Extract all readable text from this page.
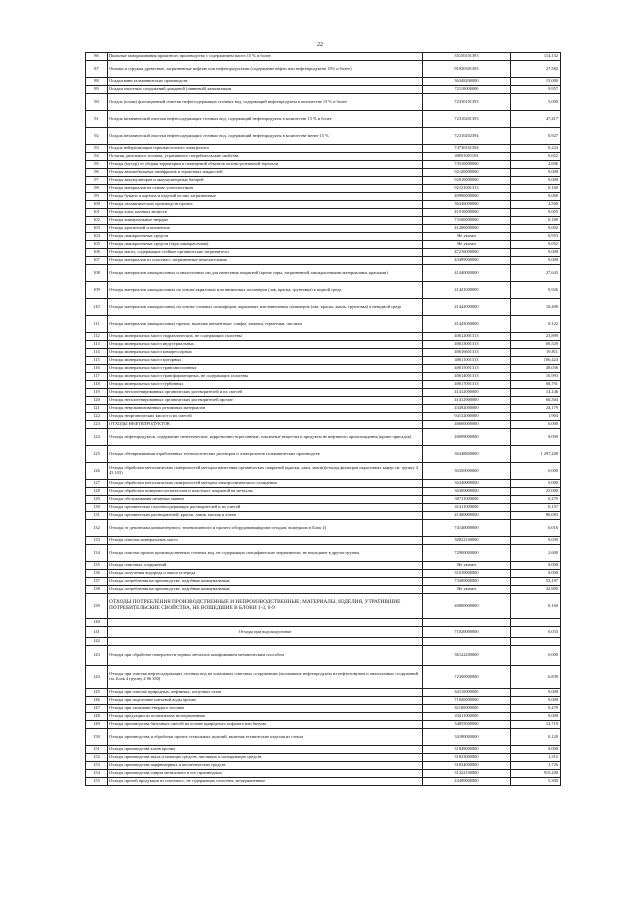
22
86	Пыльные замораживания прокатного производства с содержанием масел 15 % и более	35150101393	114,132
87	Опилки и стружка древесные, загрязненные нефтью или нефтепродуктами (содержание нефти или нефтепродуктов 15% и более)	91920301393	27,582
88	Осадки ванн гальванических производств	36348200000	15,000
89	Осадки очистных сооружений дождевой (ливневой) канализации	72110000000	9,957
90	Осадок (шлам) флотационной очистки нефтесодержащих сточных вод, содержащий нефтепродукты в количестве 15 % и более	72330101393	5,000
91	Осадок механической очистки нефтесодержащих сточных вод, содержащий нефтепродукты в количестве 15 % и более	72310201393	47,417
92	Осадок механической очистки нефтесодержащих сточных вод, содержащий нефтепродукты в количестве менее 15 %	72310202394	0,927
93	Осадок нейтрализации сернокислотного электролита	74730101394	0,224
94	Остатки дизельного топлива, утратившего потребительские свойства	40691001103	0,652
95	Отходы (мусор) от уборки территории и помещений объектов оптово-розничной торговли	73510000000	2,696
96	Отходы автомобильных антифризов и тормозных жидкостей	92120000000	0,000
97	Отходы аккумуляторов и аккумуляторных батарей	92010000000	0,000
98	Отходы материалов на основе углепластиков	92121001313	0,160
99	Отходы бумаги и картона и изделий из них загрязненные	40990000000	0,060
100	Отходы гальванических производств прочих	36346000000	2,500
101	Отходы клея, клеевых веществ	41910000000	0,005
102	Отходы коммунальные твердые	73100000000	0,180
103	Отходы красителей и пигментов	41200000000	0,002
104	Отходы лакокрасочных средств	Не указан	0,953
105	Отходы лакокрасочных средств (тара лакокрасочная)	Не указан	0,052
106	Отходы масел, содержащие стойкие органические загрязнители	47216000000	0,000
107	Отходы материалов из пластмасс загрязненные нежелательные	43499000000	0,000
108	Отходы материалов лакокрасочных и аналогичных им для нанесения покрытий (кроме тары, загрязненной лакокрасочными материалами, красками)	41440000000	27,643
109	Отходы материалов лакокрасочных на основе акриловых или виниловых полимеров (лак, краска, грунтовка) в водной среде	41441000000	0,926
110	Отходы материалов лакокрасочных на основе сложных полиэфиров, акриловых или виниловых полимеров (лак, краска, эмаль, грунтовка) в неводной среде	41442000000	10,400
111	Отходы материалов лакокрасочных прочих, включая пигментные, олифы, замазки, герметики, чистики	41443000000	0,122
112	Отходы минеральных масел гидравлических, не содержащих галогены	40612001313	23,899
113	Отходы минеральных масел индустриальных	40613001313	69,529
114	Отходы минеральных масел компрессорных	40616601313	19,811
115	Отходы минеральных масел моторных	40611001313	106,424
116	Отходы минеральных масел трансмиссионных	40615001313	48,036
117	Отходы минеральных масел трансформаторных, не содержащих галогены	40614001313	16,993
118	Отходы минеральных масел турбинных	40617001313	68,791
119	Отходы негалогенированных органических растворителей и их смесей	41412000000	14,146
120	Отходы негалогенированных органических растворителей прочие	41412900000	66,304
121	Отходы невулканизованных резиновых материалов	43492000000	24,179
122	Отходы неорганических кислот и их смесей	94132000000	1,904
123	ОТХОДЫ НЕФТЕПРОДУКТОВ	40600000000	0,000
124	Отходы нефтепродуктов, содержание синтетические, коррозионно-агрессивные, токсичные вещества и продукты не нефтяного происхождения (кроме присадок)	40699000000	0,000
125	Отходы обезвреживания отработанных технологических растворов и электролитов гальванических производств	36348800000	1 297,208
126	Отходы обработки металлических поверхностей методом нанесения органических покрытий (краски, лаки, эмали)(отходы фильтров окрасочных камер см. группу 4 43 103)	36350000000	0,000
127	Отходы обработки металлических поверхностей методом электролитического осаждения	36340000000	0,000
128	Отходы обработки поверхности металлов и пластмасс покрытой на металлы	36300000000	25,000
129	Отходы обслуживания печатных машин	30711000000	0,270
130	Отходы органических галогенсодержащих растворителей и их смесей	41411000000	0,157
131	Отходы органических растворителей, красок, лаков, мастик и клеев	41400000000	80,083
132	Отходы от демонтажа компьютерного, телевизионного и прочего оборудования(кроме отходов, вошедших в Блок 4)	74140000000	0,016
133	Отходы очистки минеральных масел	30822100000	0,030
134	Отходы очистки прочих производственных сточных вод, не содержащих специфические загрязнители, не вошедшие в другие группы	72900000000	2,600
135	Отходы очистных сооружений	Не указан	0,000
136	Отходы получения водорода и окиси углерода	31010000000	0,000
137	Отходы потребления на производстве, подобные коммунальным	73300000000	53,197
138	Отходы потребления на производстве, подобные коммунальным	Не указан	42,900
139	ОТХОДЫ ПОТРЕБЛЕНИЯ ПРОИЗВОДСТВЕННЫЕ И НЕПРОИЗВОДСТВЕННЫЕ; МАТЕРИАЛЫ, ИЗДЕЛИЯ, УТРАТИВШИЕ ПОТРЕБИТЕЛЬСКИЕ СВОЙСТВА, НЕ ВОШЕДШИЕ В БЛОКИ 1-3, 6-9	40000000000	0,160
140			
141	Отходы при водоподготовке	71020000000	0,033
142			
143	Отходы при обработке поверхности черных металлов шлифованием механическим способом	36122200000	0,000
144	Отходы при очистке нефтесодержащих сточных вод на локальных очистных сооружениях (всплывшие нефтепродукты из нефтеловушек и аналогичных сооружений см. Блок 4 группу 4 06 350)	72300000000	6,839
145	Отходы при очистке природных, нефтяных, попутных газов	64110000000	0,000
146	Отходы при подготовке питьевой воды прочие	71020000000	0,000
147	Отходы при сжигании твердого топлива	61100000000	0,478
148	Отходы продукции из полиэтилена незагрязненные	43411000000	0,000
149	Отходы производства битумных смесей на основе природного асфальта или битума	34855000000	13,719
150	Отходы производства и обработки прочих стекольных изделий, включая технические изделия из стекла	34180000000	0,120
151	Отходы производства клеев прочих	31849000000	0,000
152	Отходы производства мыла и моющих средств, чистящих и полирующих средств	31823000000	1,315
153	Отходы производства парфюмерных и косметических средств	31824000000	1,726
154	Отходы производства спирта метилового и его производных	31322100000	915,200
155	Отходы прочей продукции из пластмасс, не содержащих галогены, незагрязненные	43490000000	5,300
